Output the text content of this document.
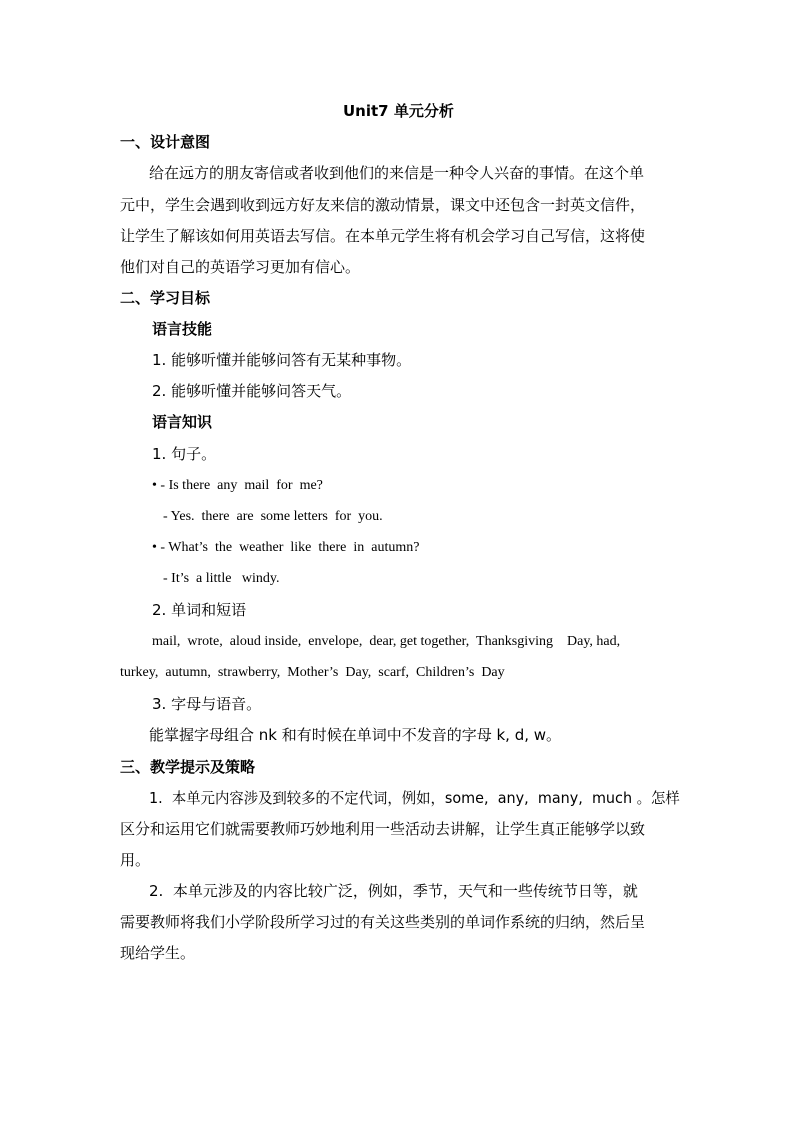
Unit7 单元分析
一、设计意图
给在远方的朋友寄信或者收到他们的来信是一种令人兴奋的事情。在这个单
元中，学生会遇到收到远方好友来信的激动情景，课文中还包含一封英文信件，
让学生了解该如何用英语去写信。在本单元学生将有机会学习自己写信，这将使
他们对自己的英语学习更加有信心。
二、学习目标
语言技能
1. 能够听懂并能够问答有无某种事物。
2. 能够听懂并能够问答天气。
语言知识
1. 句子。
• - Is there  any  mail  for  me?
- Yes.  there  are  some letters  for  you.
• - What’s  the  weather  like  there  in  autumn?
- It’s  a little   windy.
2. 单词和短语
mail,  wrote,  aloud inside,  envelope,  dear, get together,  Thanksgiving    Day, had,
turkey,  autumn,  strawberry,  Mother’s  Day,  scarf,  Children’s  Day
3. 字母与语音。
能掌握字母组合 nk 和有时候在单词中不发音的字母 k, d, w。
三、教学提示及策略
1.  本单元内容涉及到较多的不定代词，例如，some,  any,  many,  much 。怎样
区分和运用它们就需要教师巧妙地利用一些活动去讲解，让学生真正能够学以致
用。
2.  本单元涉及的内容比较广泛，例如，季节，天气和一些传统节日等，就
需要教师将我们小学阶段所学习过的有关这些类别的单词作系统的归纳，然后呈
现给学生。
